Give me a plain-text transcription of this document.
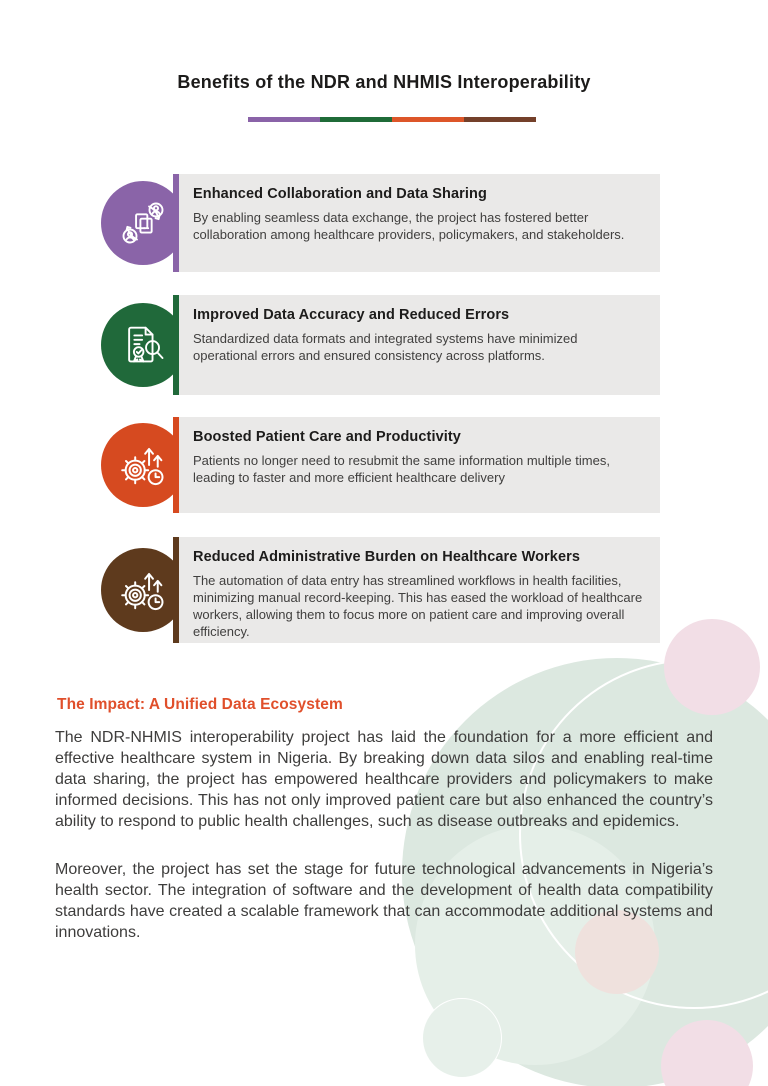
Benefits of the NDR and NHMIS Interoperability
Enhanced Collaboration and Data Sharing

By enabling seamless data exchange, the project has fostered better collaboration among healthcare providers, policymakers, and stakeholders.

Improved Data Accuracy and Reduced Errors

Standardized data formats and integrated systems have minimized operational errors and ensured consistency across platforms.

Boosted Patient Care and Productivity

Patients no longer need to resubmit the same information multiple times, leading to faster and more efficient healthcare delivery

Reduced Administrative Burden on Healthcare Workers

The automation of data entry has streamlined workflows in health facilities, minimizing manual record-keeping. This has eased the workload of healthcare workers, allowing them to focus more on patient care and improving overall efficiency.

The Impact: A Unified Data Ecosystem

The NDR-NHMIS interoperability project has laid the foundation for a more efficient and effective healthcare system in Nigeria. By breaking down data silos and enabling real-time data sharing, the project has empowered healthcare providers and policymakers to make informed decisions. This has not only improved patient care but also enhanced the country’s ability to respond to public health challenges, such as disease outbreaks and epidemics.

Moreover, the project has set the stage for future technological advancements in Nigeria’s health sector. The integration of software and the development of health data compatibility standards have created a scalable framework that can accommodate additional systems and innovations.
